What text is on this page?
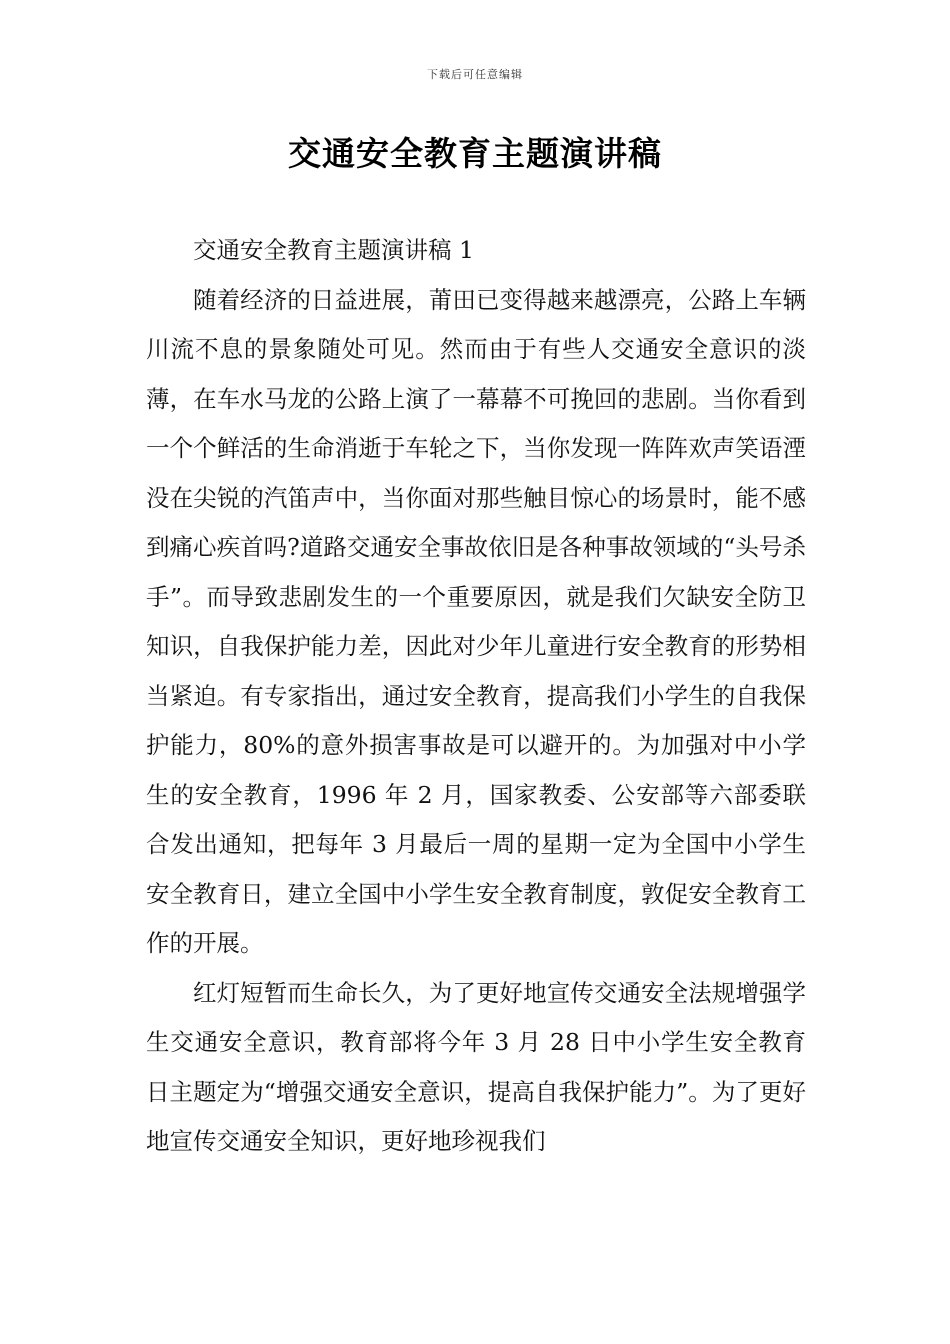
下载后可任意编辑
交通安全教育主题演讲稿

交通安全教育主题演讲稿 1

随着经济的日益进展，莆田已变得越来越漂亮，公路上车辆川流不息的景象随处可见。然而由于有些人交通安全意识的淡薄，在车水马龙的公路上演了一幕幕不可挽回的悲剧。当你看到一个个鲜活的生命消逝于车轮之下，当你发现一阵阵欢声笑语湮没在尖锐的汽笛声中，当你面对那些触目惊心的场景时，能不感到痛心疾首吗?道路交通安全事故依旧是各种事故领域的“头号杀手”。而导致悲剧发生的一个重要原因，就是我们欠缺安全防卫知识，自我保护能力差，因此对少年儿童进行安全教育的形势相当紧迫。有专家指出，通过安全教育，提高我们小学生的自我保护能力，80%的意外损害事故是可以避开的。为加强对中小学生的安全教育，1996 年 2 月，国家教委、公安部等六部委联合发出通知，把每年 3 月最后一周的星期一定为全国中小学生安全教育日，建立全国中小学生安全教育制度，敦促安全教育工作的开展。

红灯短暂而生命长久，为了更好地宣传交通安全法规增强学生交通安全意识，教育部将今年 3 月 28 日中小学生安全教育日主题定为“增强交通安全意识，提高自我保护能力”。为了更好地宣传交通安全知识，更好地珍视我们
